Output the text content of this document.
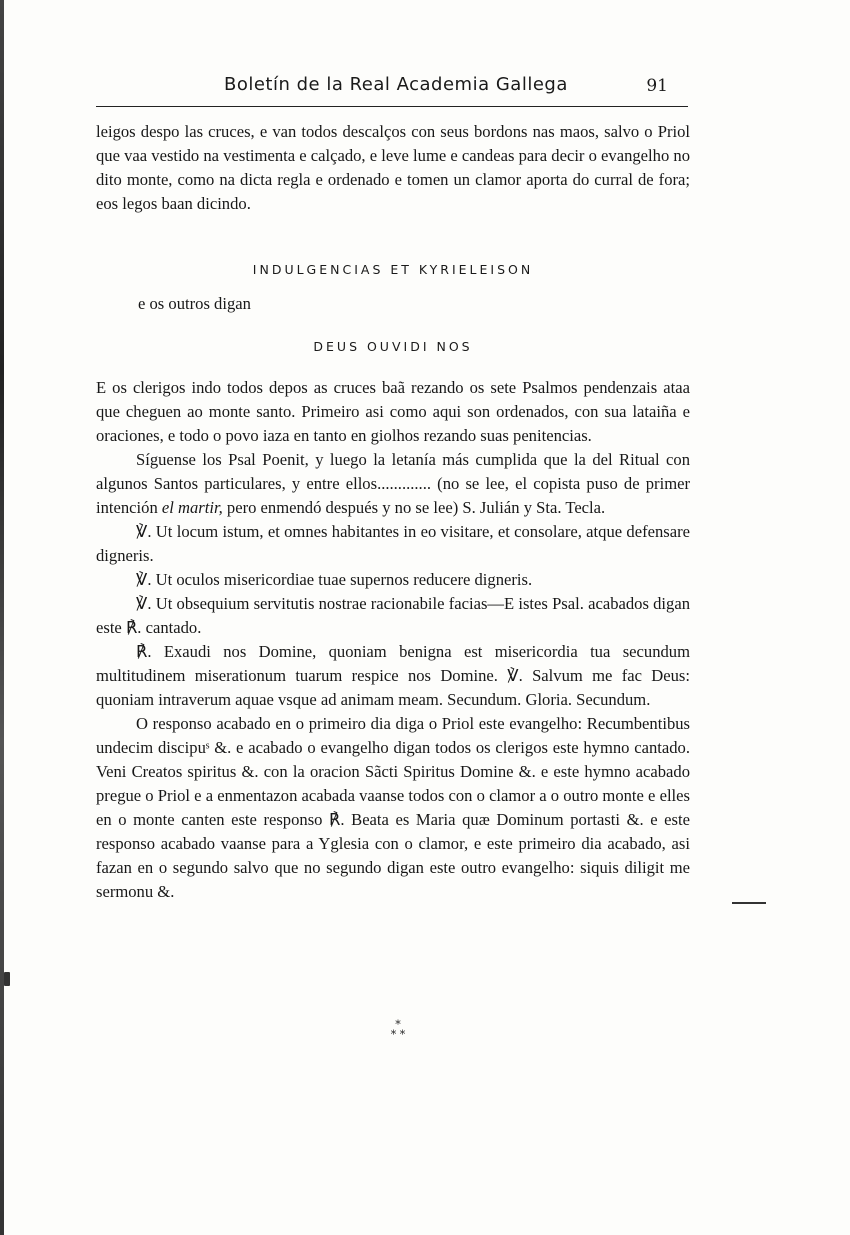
Boletín de la Real Academia Gallega	91

leigos despo las cruces, e van todos descalços con seus bordons nas maos, salvo o Priol que vaa vestido na vestimenta e calçado, e leve lume e candeas para decir o evangelho no dito monte, como na dicta regla e ordenado e tomen un clamor aporta do curral de fora; eos legos baan dicindo.

INDULGENCIAS ET KYRIELEISON
e os outros digan
DEUS OUVIDI NOS

E os clerigos indo todos depos as cruces baã rezando os sete Psalmos pendenzais ataa que cheguen ao monte santo. Primeiro asi como aqui son ordenados, con sua lataiña e oraciones, e todo o povo iaza en tanto en giolhos rezando suas penitencias.

Síguense los Psal Poenit, y luego la letanía más cumplida que la del Ritual con algunos Santos particulares, y entre ellos............. (no se lee, el copista puso de primer intención el martir, pero enmendó después y no se lee) S. Julián y Sta. Tecla.

℣. Ut locum istum, et omnes habitantes in eo visitare, et consolare, atque defensare digneris.

℣. Ut oculos misericordiae tuae supernos reducere digneris.

℣. Ut obsequium servitutis nostrae racionabile facias—E istes Psal. acabados digan este ℟. cantado.

℟. Exaudi nos Domine, quoniam benigna est misericordia tua secundum multitudinem miserationum tuarum respice nos Domine. ℣. Salvum me fac Deus: quoniam intraverum aquae vsque ad animam meam. Secundum. Gloria. Secundum.

O responso acabado en o primeiro dia diga o Priol este evangelho: Recumbentibus undecim discipuˢ &. e acabado o evangelho digan todos os clerigos este hymno cantado. Veni Creatos spiritus &. con la oracion Sãcti Spiritus Domine &. e este hymno acabado pregue o Priol e a enmentazon acabada vaanse todos con o clamor a o outro monte e elles en o monte canten este responso ℟. Beata es Maria quæ Dominum portasti &. e este responso acabado vaanse para a Yglesia con o clamor, e este primeiro dia acabado, asi fazan en o segundo salvo que no segundo digan este outro evangelho: siquis diligit me sermonu &.

*
* *
